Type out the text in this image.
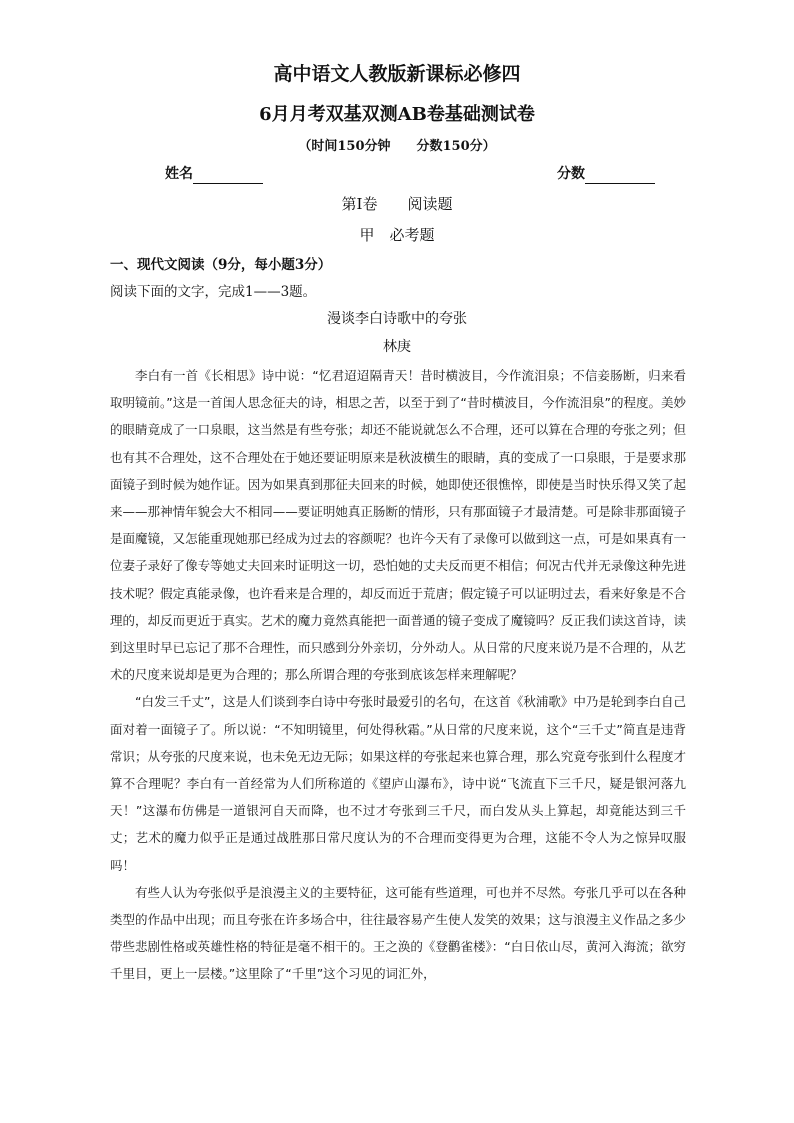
高中语文人教版新课标必修四
6月月考双基双测AB卷基础测试卷
（时间150分钟　　分数150分）
姓名	分数
第Ⅰ卷　　阅读题
甲　必考题
一、现代文阅读（9分，每小题3分）
阅读下面的文字，完成1——3题。
漫谈李白诗歌中的夸张
林庚

李白有一首《长相思》诗中说：“忆君迢迢隔青天！昔时横波目，今作流泪泉；不信妾肠断，归来看取明镜前。”这是一首闺人思念征夫的诗，相思之苦，以至于到了“昔时横波目，今作流泪泉”的程度。美妙的眼睛竟成了一口泉眼，这当然是有些夸张；却还不能说就怎么不合理，还可以算在合理的夸张之列；但也有其不合理处，这不合理处在于她还要证明原来是秋波横生的眼睛，真的变成了一口泉眼，于是要求那面镜子到时候为她作证。因为如果真到那征夫回来的时候，她即使还很憔悴，即使是当时快乐得又笑了起来——那神情年貌会大不相同——要证明她真正肠断的情形，只有那面镜子才最清楚。可是除非那面镜子是面魔镜，又怎能重现她那已经成为过去的容颜呢？也许今天有了录像可以做到这一点，可是如果真有一位妻子录好了像专等她丈夫回来时证明这一切，恐怕她的丈夫反而更不相信；何况古代并无录像这种先进技术呢？假定真能录像，也许看来是合理的，却反而近于荒唐；假定镜子可以证明过去，看来好象是不合理的，却反而更近于真实。艺术的魔力竟然真能把一面普通的镜子变成了魔镜吗？反正我们读这首诗，读到这里时早已忘记了那不合理性，而只感到分外亲切，分外动人。从日常的尺度来说乃是不合理的，从艺术的尺度来说却是更为合理的；那么所谓合理的夸张到底该怎样来理解呢？

“白发三千丈”，这是人们谈到李白诗中夸张时最爱引的名句，在这首《秋浦歌》中乃是轮到李白自己面对着一面镜子了。所以说：“不知明镜里，何处得秋霜。”从日常的尺度来说，这个“三千丈”简直是违背常识；从夸张的尺度来说，也未免无边无际；如果这样的夸张起来也算合理，那么究竟夸张到什么程度才算不合理呢？李白有一首经常为人们所称道的《望庐山瀑布》，诗中说“飞流直下三千尺，疑是银河落九天！”这瀑布仿佛是一道银河自天而降，也不过才夸张到三千尺，而白发从头上算起，却竟能达到三千丈；艺术的魔力似乎正是通过战胜那日常尺度认为的不合理而变得更为合理，这能不令人为之惊异叹服吗！

有些人认为夸张似乎是浪漫主义的主要特征，这可能有些道理，可也并不尽然。夸张几乎可以在各种类型的作品中出现；而且夸张在许多场合中，往往最容易产生使人发笑的效果；这与浪漫主义作品之多少带些悲剧性格或英雄性格的特征是毫不相干的。王之涣的《登鹳雀楼》：“白日依山尽，黄河入海流；欲穷千里目，更上一层楼。”这里除了“千里”这个习见的词汇外，
